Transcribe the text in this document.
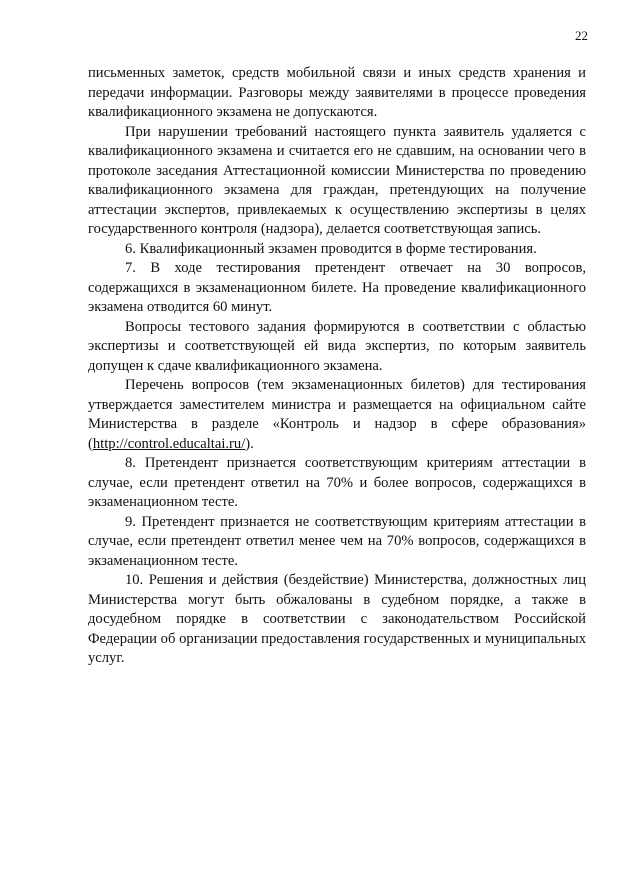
22

письменных заметок, средств мобильной связи и иных средств хранения и передачи информации. Разговоры между заявителями в процессе проведения квалификационного экзамена не допускаются.

При нарушении требований настоящего пункта заявитель удаляется с квалификационного экзамена и считается его не сдавшим, на основании чего в протоколе заседания Аттестационной комиссии Министерства по проведению квалификационного экзамена для граждан, претендующих на получение аттестации экспертов, привлекаемых к осуществлению экспертизы в целях государственного контроля (надзора), делается соответствующая запись.

6. Квалификационный экзамен проводится в форме тестирования.

7. В ходе тестирования претендент отвечает на 30 вопросов, содержащихся в экзаменационном билете. На проведение квалификационного экзамена отводится 60 минут.

Вопросы тестового задания формируются в соответствии с областью экспертизы и соответствующей ей вида экспертиз, по которым заявитель допущен к сдаче квалификационного экзамена.

Перечень вопросов (тем экзаменационных билетов) для тестирования утверждается заместителем министра и размещается на официальном сайте Министерства в разделе «Контроль и надзор в сфере образования» (http://control.educaltai.ru/).

8. Претендент признается соответствующим критериям аттестации в случае, если претендент ответил на 70% и более вопросов, содержащихся в экзаменационном тесте.

9. Претендент признается не соответствующим критериям аттестации в случае, если претендент ответил менее чем на 70% вопросов, содержащихся в экзаменационном тесте.

10. Решения и действия (бездействие) Министерства, должностных лиц Министерства могут быть обжалованы в судебном порядке, а также в досудебном порядке в соответствии с законодательством Российской Федерации об организации предоставления государственных и муниципальных услуг.
